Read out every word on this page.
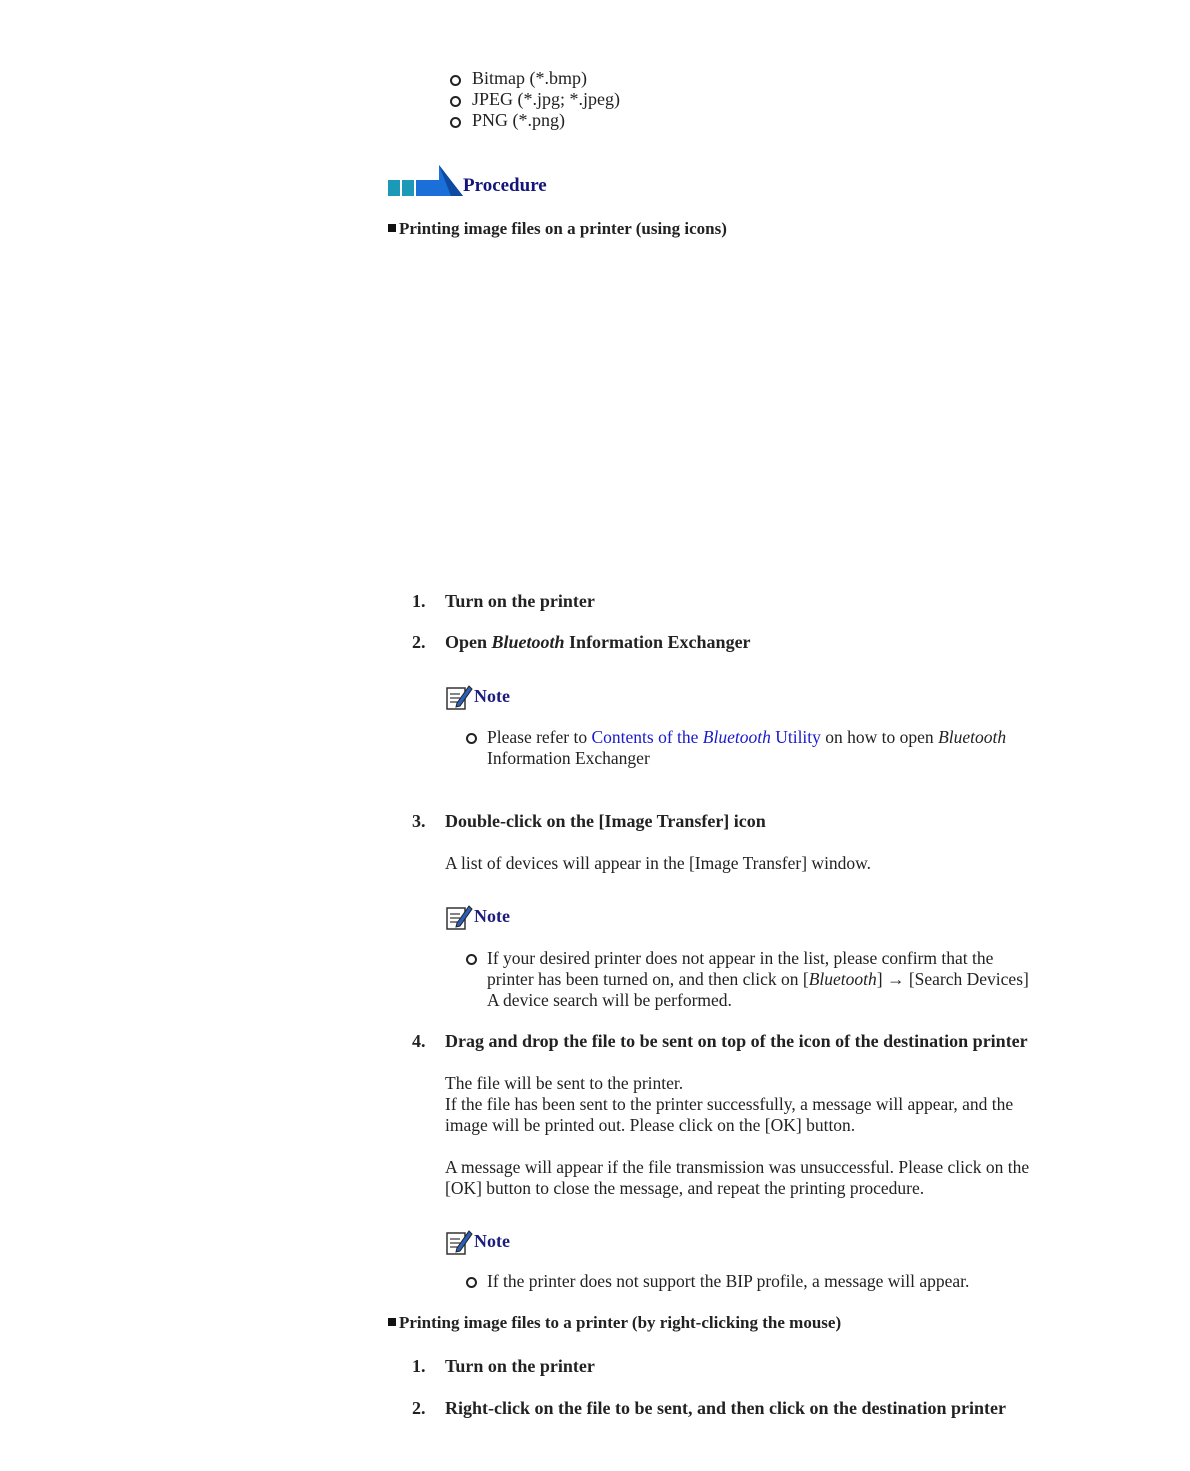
Bitmap (*.bmp)
JPEG (*.jpg; *.jpeg)
PNG (*.png)
Procedure
Printing image files on a printer (using icons)
1. Turn on the printer
2. Open Bluetooth Information Exchanger
Note
Please refer to Contents of the Bluetooth Utility on how to open Bluetooth
Information Exchanger
3. Double-click on the [Image Transfer] icon
A list of devices will appear in the [Image Transfer] window.
Note
If your desired printer does not appear in the list, please confirm that the
printer has been turned on, and then click on [Bluetooth] → [Search Devices]
A device search will be performed.
4. Drag and drop the file to be sent on top of the icon of the destination printer
The file will be sent to the printer.
If the file has been sent to the printer successfully, a message will appear, and the
image will be printed out. Please click on the [OK] button.
A message will appear if the file transmission was unsuccessful. Please click on the
[OK] button to close the message, and repeat the printing procedure.
Note
If the printer does not support the BIP profile, a message will appear.
Printing image files to a printer (by right-clicking the mouse)
1. Turn on the printer
2. Right-click on the file to be sent, and then click on the destination printer
